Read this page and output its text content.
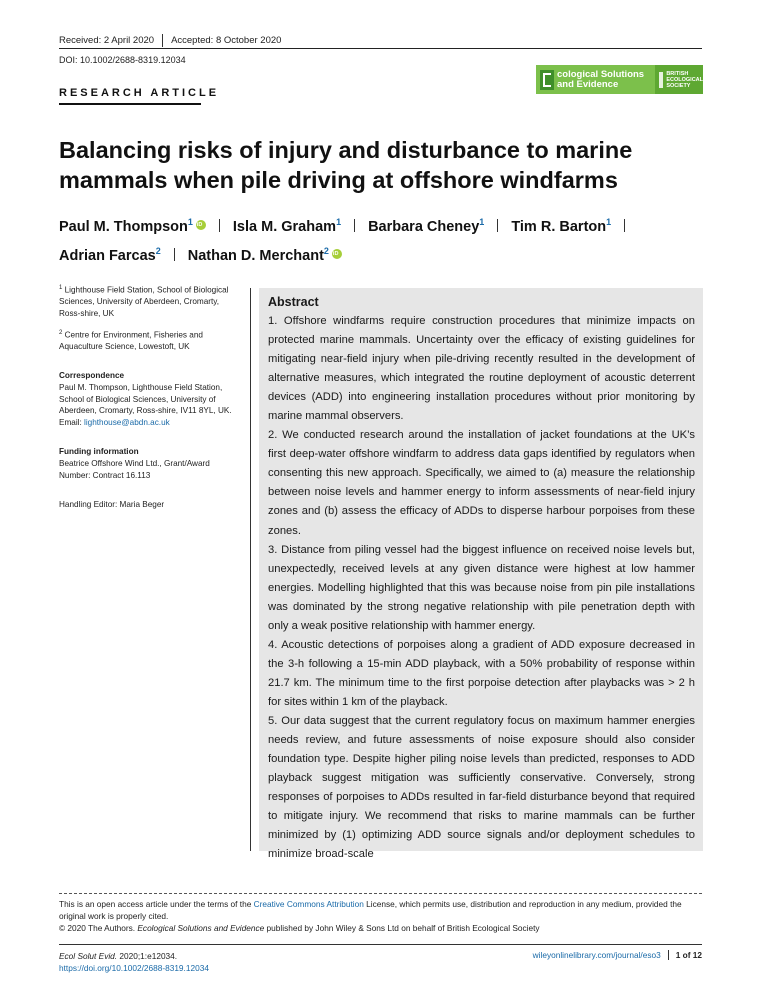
Received: 2 April 2020 Accepted: 8 October 2020
DOI: 10.1002/2688-8319.12034
RESEARCH ARTICLE
cological Solutions
and Evidence
BRITISH
ECOLOGICAL
SOCIETY
Balancing risks of injury and disturbance to marine mammals when pile driving at offshore windfarms
Paul M. Thompson$^1$iD	Isla M. Graham$^1$ Barbara Cheney$^1$ Tim R. Barton$^1$
Adrian Farcas$^2$ Nathan D. Merchant$^2$iD

$^1$ Lighthouse Field Station, School of Biological Sciences, University of Aberdeen, Cromarty, Ross-shire, UK

$^2$ Centre for Environment, Fisheries and Aquaculture Science, Lowestoft, UK

Correspondence

Paul M. Thompson, Lighthouse Field Station, School of Biological Sciences, University of Aberdeen, Cromarty, Ross-shire, IV11 8YL, UK.
Email: lighthouse@abdn.ac.uk

Funding information

Beatrice Offshore Wind Ltd., Grant/Award Number: Contract 16.113

Handling Editor: Maria Beger

Abstract

1. Offshore windfarms require construction procedures that minimize impacts on protected marine mammals. Uncertainty over the efficacy of existing guidelines for mitigating near-field injury when pile-driving recently resulted in the development of alternative measures, which integrated the routine deployment of acoustic deterrent devices (ADD) into engineering installation procedures without prior monitoring by marine mammal observers.

2. We conducted research around the installation of jacket foundations at the UK’s first deep-water offshore windfarm to address data gaps identified by regulators when consenting this new approach. Specifically, we aimed to (a) measure the relationship between noise levels and hammer energy to inform assessments of near-field injury zones and (b) assess the efficacy of ADDs to disperse harbour porpoises from these zones.

3. Distance from piling vessel had the biggest influence on received noise levels but, unexpectedly, received levels at any given distance were highest at low hammer energies. Modelling highlighted that this was because noise from pin pile installations was dominated by the strong negative relationship with pile penetration depth with only a weak positive relationship with hammer energy.

4. Acoustic detections of porpoises along a gradient of ADD exposure decreased in the 3-h following a 15-min ADD playback, with a 50% probability of response within 21.7 km. The minimum time to the first porpoise detection after playbacks was > 2 h for sites within 1 km of the playback.

5. Our data suggest that the current regulatory focus on maximum hammer energies needs review, and future assessments of noise exposure should also consider foundation type. Despite higher piling noise levels than predicted, responses to ADD playback suggest mitigation was sufficiently conservative. Conversely, strong responses of porpoises to ADDs resulted in far-field disturbance beyond that required to mitigate injury. We recommend that risks to marine mammals can be further minimized by (1) optimizing ADD source signals and/or deployment schedules to minimize broad-scale

This is an open access article under the terms of the Creative Commons Attribution License, which permits use, distribution and reproduction in any medium, provided the original work is properly cited.

© 2020 The Authors. Ecological Solutions and Evidence published by John Wiley & Sons Ltd on behalf of British Ecological Society

Ecol Solut Evid. 2020;1:e12034.
https://doi.org/10.1002/2688-8319.12034
wileyonlinelibrary.com/journal/eso3 1 of 12
